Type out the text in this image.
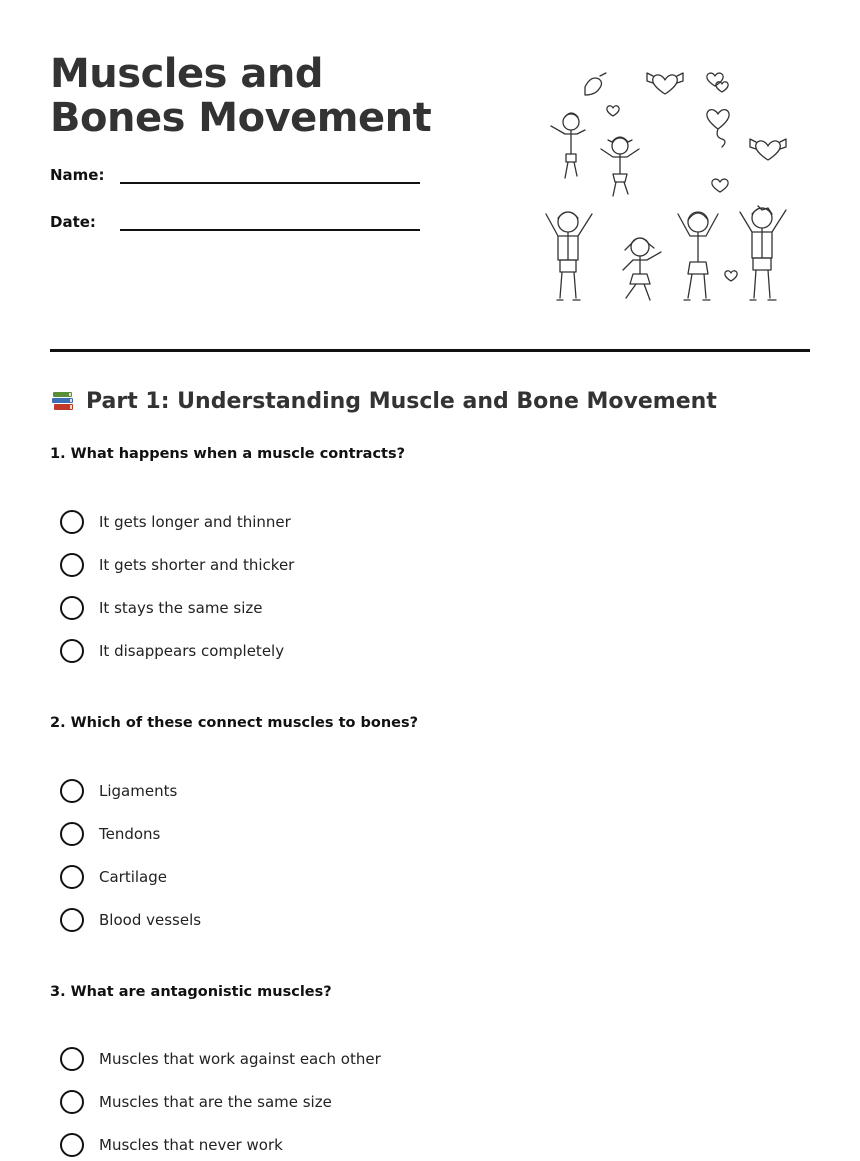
Muscles and Bones Movement
Name:
Date:
Part 1: Understanding Muscle and Bone Movement

1. What happens when a muscle contracts?

It gets longer and thinner
It gets shorter and thicker
It stays the same size
It disappears completely

2. Which of these connect muscles to bones?

Ligaments
Tendons
Cartilage
Blood vessels

3. What are antagonistic muscles?

Muscles that work against each other
Muscles that are the same size
Muscles that never work
